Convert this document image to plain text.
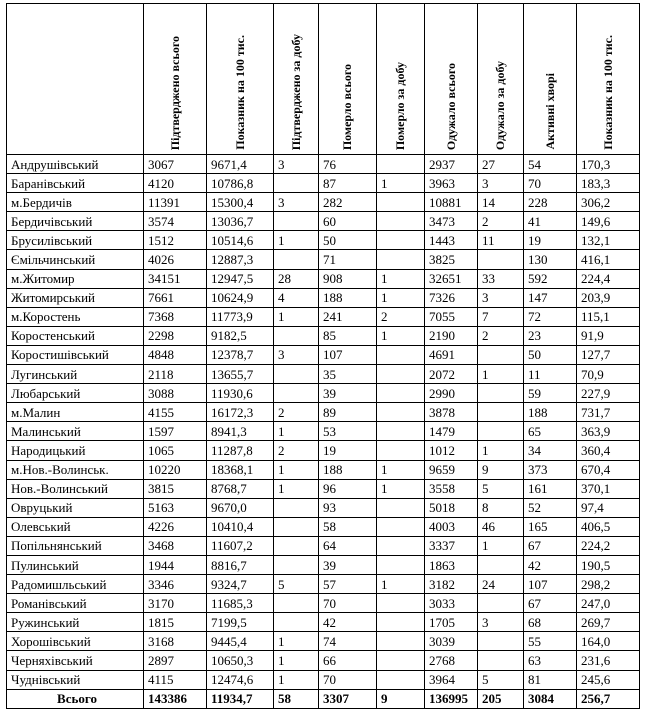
	Підтверджено всього	Показник на 100 тис.	Підтверджено за добу	Померло всього	Померло за добу	Одужало всього	Одужало за добу	Активні хворі	Показник на 100 тис.

Андрушівський	3067	9671,4	3	76		2937	27	54	170,3
Баранівський	4120	10786,8		87	1	3963	3	70	183,3
м.Бердичів	11391	15300,4	3	282		10881	14	228	306,2
Бердичівський	3574	13036,7		60		3473	2	41	149,6
Брусилівський	1512	10514,6	1	50		1443	11	19	132,1
Ємільчинський	4026	12887,3		71		3825		130	416,1
м.Житомир	34151	12947,5	28	908	1	32651	33	592	224,4
Житомирський	7661	10624,9	4	188	1	7326	3	147	203,9
м.Коростень	7368	11773,9	1	241	2	7055	7	72	115,1
Коростенський	2298	9182,5		85	1	2190	2	23	91,9
Коростишівський	4848	12378,7	3	107		4691		50	127,7
Лугинський	2118	13655,7		35		2072	1	11	70,9
Любарський	3088	11930,6		39		2990		59	227,9
м.Малин	4155	16172,3	2	89		3878		188	731,7
Малинський	1597	8941,3	1	53		1479		65	363,9
Народицький	1065	11287,8	2	19		1012	1	34	360,4
м.Нов.-Волинськ.	10220	18368,1	1	188	1	9659	9	373	670,4
Нов.-Волинський	3815	8768,7	1	96	1	3558	5	161	370,1
Овруцький	5163	9670,0		93		5018	8	52	97,4
Олевський	4226	10410,4		58		4003	46	165	406,5
Попільнянський	3468	11607,2		64		3337	1	67	224,2
Пулинський	1944	8816,7		39		1863		42	190,5
Радомишльський	3346	9324,7	5	57	1	3182	24	107	298,2
Романівський	3170	11685,3		70		3033		67	247,0
Ружинський	1815	7199,5		42		1705	3	68	269,7
Хорошівський	3168	9445,4	1	74		3039		55	164,0
Черняхівський	2897	10650,3	1	66		2768		63	231,6
Чуднівський	4115	12474,6	1	70		3964	5	81	245,6
Всього	143386	11934,7	58	3307	9	136995	205	3084	256,7
